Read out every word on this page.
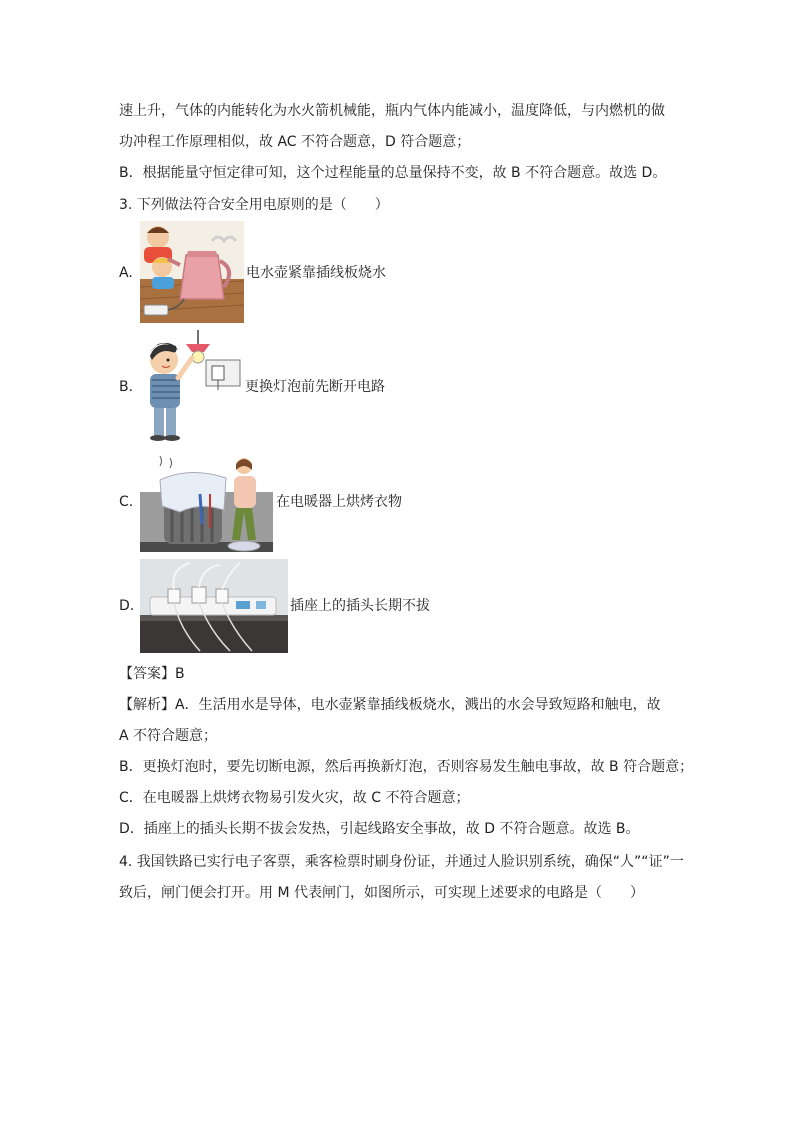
速上升，气体的内能转化为水火箭机械能，瓶内气体内能减小，温度降低，与内燃机的做
功冲程工作原理相似，故 AC 不符合题意，D 符合题意；
B．根据能量守恒定律可知，这个过程能量的总量保持不变，故 B 不符合题意。故选 D。
3. 下列做法符合安全用电原则的是（　　）
A.	电水壶紧靠插线板烧水
B.	更换灯泡前先断开电路
C.	在电暖器上烘烤衣物
D.	插座上的插头长期不拔
【答案】B
【解析】A．生活用水是导体，电水壶紧靠插线板烧水，溅出的水会导致短路和触电，故
A 不符合题意；
B．更换灯泡时，要先切断电源，然后再换新灯泡，否则容易发生触电事故，故 B 符合题意；
C．在电暖器上烘烤衣物易引发火灾，故 C 不符合题意；
D．插座上的插头长期不拔会发热，引起线路安全事故，故 D 不符合题意。故选 B。
4. 我国铁路已实行电子客票，乘客检票时刷身份证，并通过人脸识别系统，确保“人”“证”一
致后，闸门便会打开。用 M 代表闸门，如图所示，可实现上述要求的电路是（　　）
